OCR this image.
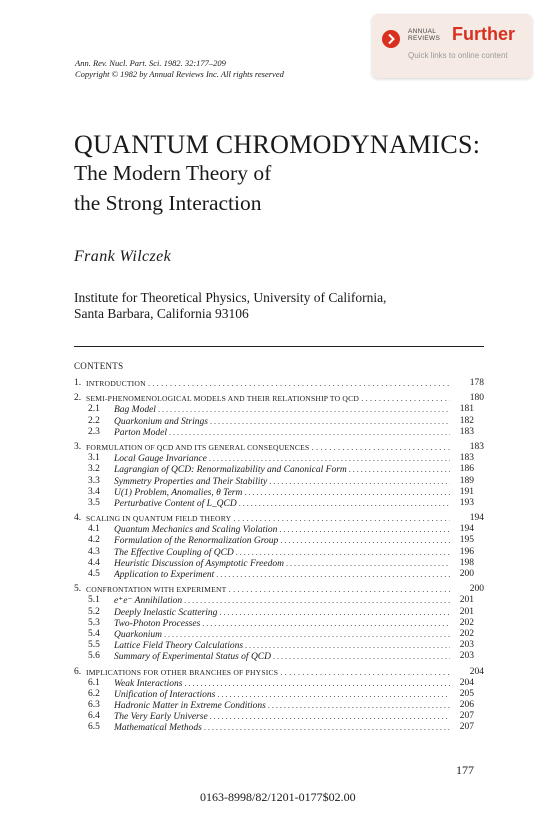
ANNUAL REVIEWS Further
Quick links to online content
Ann. Rev. Nucl. Part. Sci. 1982. 32:177–209
Copyright © 1982 by Annual Reviews Inc. All rights reserved
QUANTUM CHROMODYNAMICS:
The Modern Theory of
the Strong Interaction
Frank Wilczek
Institute for Theoretical Physics, University of California,
Santa Barbara, California 93106
CONTENTS
1. INTRODUCTION . . .	178
2. SEMI-PHENOMENOLOGICAL MODELS AND THEIR RELATIONSHIP TO QCD . . .	180
2.1 Bag Model . . .	181
2.2 Quarkonium and Strings . . .	182
2.3 Parton Model . . .	183
3. FORMULATION OF QCD AND ITS GENERAL CONSEQUENCES . . .	183
3.1 Local Gauge Invariance . . .	183
3.2 Lagrangian of QCD: Renormalizability and Canonical Form . . .	186
3.3 Symmetry Properties and Their Stability . . .	189
3.4 U(1) Problem, Anomalies, θ Term . . .	191
3.5 Perturbative Content of L_QCD . . .	193
4. SCALING IN QUANTUM FIELD THEORY . . .	194
4.1 Quantum Mechanics and Scaling Violation . . .	194
4.2 Formulation of the Renormalization Group . . .	195
4.3 The Effective Coupling of QCD . . .	196
4.4 Heuristic Discussion of Asymptotic Freedom . . .	198
4.5 Application to Experiment . . .	200
5. CONFRONTATION WITH EXPERIMENT . . .	200
5.1 e⁺e⁻ Annihilation . . .	201
5.2 Deeply Inelastic Scattering . . .	201
5.3 Two-Photon Processes . . .	202
5.4 Quarkonium . . .	202
5.5 Lattice Field Theory Calculations . . .	203
5.6 Summary of Experimental Status of QCD . . .	203
6. IMPLICATIONS FOR OTHER BRANCHES OF PHYSICS . . .	204
6.1 Weak Interactions . . .	204
6.2 Unification of Interactions . . .	205
6.3 Hadronic Matter in Extreme Conditions . . .	206
6.4 The Very Early Universe . . .	207
6.5 Mathematical Methods . . .	207
177
0163-8998/82/1201-0177$02.00
